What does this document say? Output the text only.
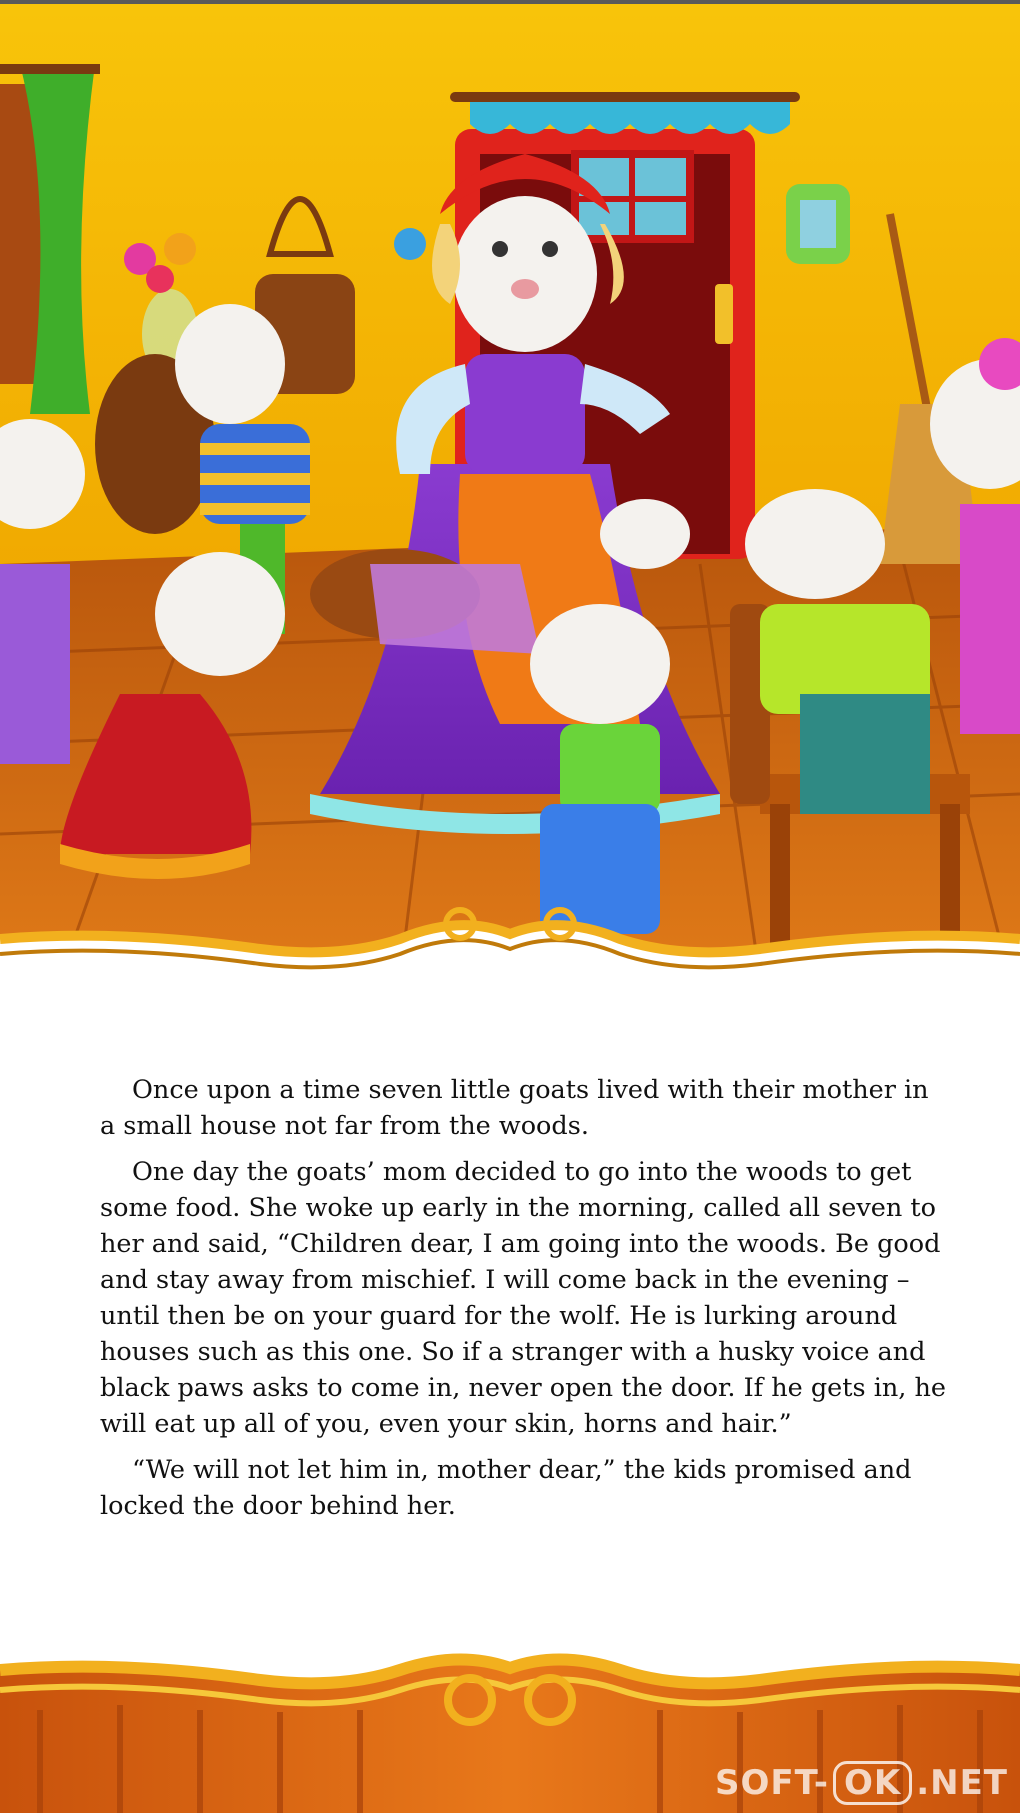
Once upon a time seven little goats lived with their mother in a small house not far from the woods.

One day the goats’ mom decided to go into the woods to get some food. She woke up early in the morning, called all seven to her and said, “Children dear, I am going into the woods. Be good and stay away from mischief. I will come back in the evening – until then be on your guard for the wolf. He is lurking around houses such as this one. So if a stranger with a husky voice and black paws asks to come in, never open the door. If he gets in, he will eat up all of you, even your skin, horns and hair.”

“We will not let him in, mother dear,” the kids promised and locked the door behind her.

SOFT- OK .NET
